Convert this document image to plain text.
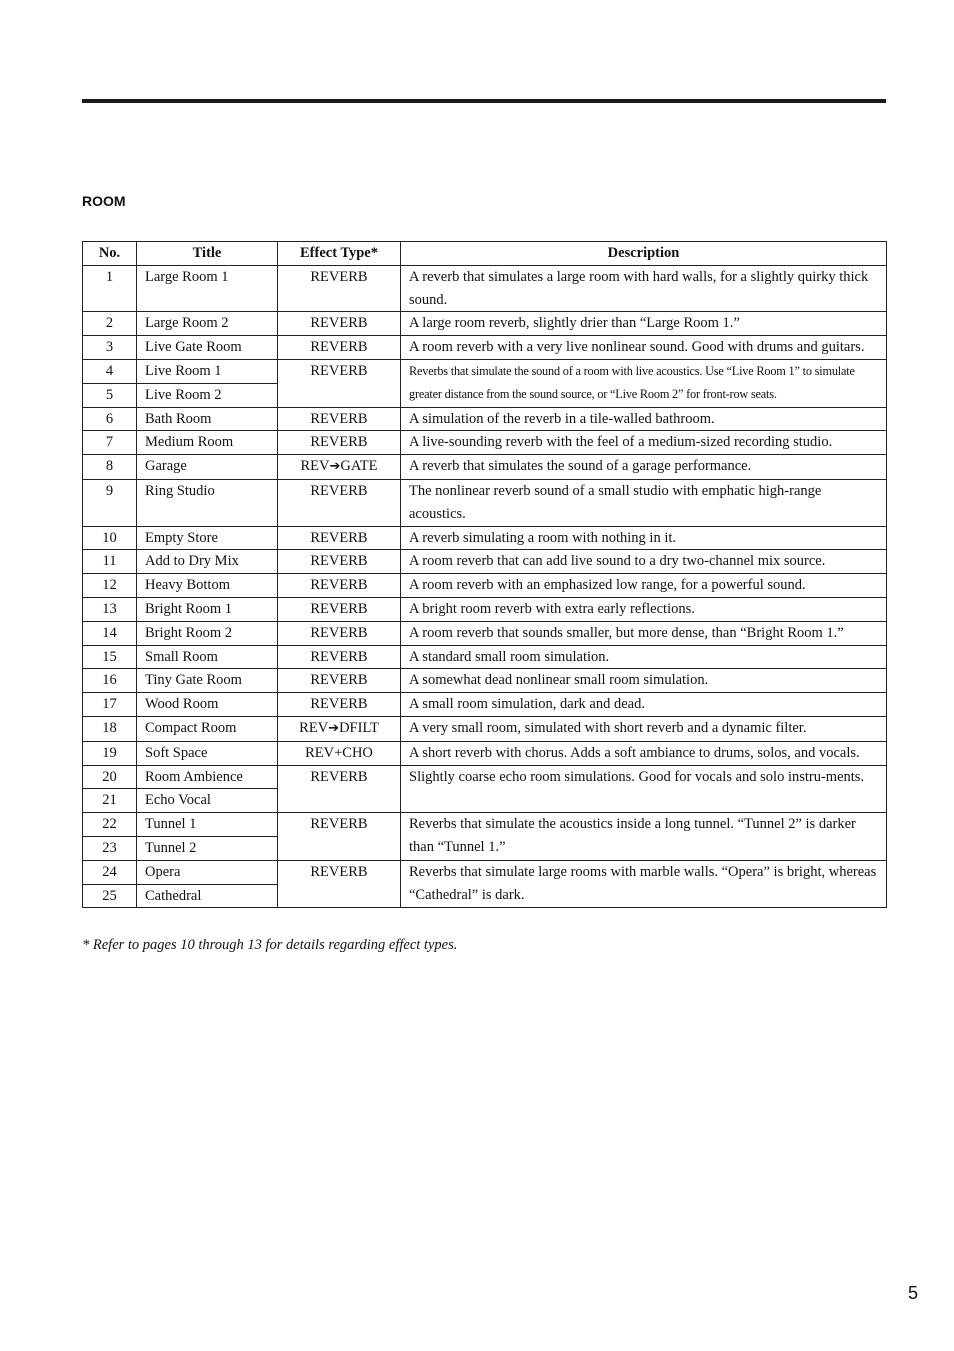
ROOM
No.	Title	Effect Type*	Description
1	Large Room 1	REVERB	A reverb that simulates a large room with hard walls, for a slightly quirky thick sound.
2	Large Room 2	REVERB	A large room reverb, slightly drier than “Large Room 1.”
3	Live Gate Room	REVERB	A room reverb with a very live nonlinear sound. Good with drums and guitars.
4	Live Room 1	REVERB	Reverbs that simulate the sound of a room with live acoustics. Use “Live Room 1” to simulate greater distance from the sound source, or “Live Room 2” for front-row seats.
5	Live Room 2		
6	Bath Room	REVERB	A simulation of the reverb in a tile-walled bathroom.
7	Medium Room	REVERB	A live-sounding reverb with the feel of a medium-sized recording studio.
8	Garage	REV➔GATE	A reverb that simulates the sound of a garage performance.
9	Ring Studio	REVERB	The nonlinear reverb sound of a small studio with emphatic high-range acoustics.
10	Empty Store	REVERB	A reverb simulating a room with nothing in it.
11	Add to Dry Mix	REVERB	A room reverb that can add live sound to a dry two-channel mix source.
12	Heavy Bottom	REVERB	A room reverb with an emphasized low range, for a powerful sound.
13	Bright Room 1	REVERB	A bright room reverb with extra early reflections.
14	Bright Room 2	REVERB	A room reverb that sounds smaller, but more dense, than “Bright Room 1.”
15	Small Room	REVERB	A standard small room simulation.
16	Tiny Gate Room	REVERB	A somewhat dead nonlinear small room simulation.
17	Wood Room	REVERB	A small room simulation, dark and dead.
18	Compact Room	REV➔DFILT	A very small room, simulated with short reverb and a dynamic filter.
19	Soft Space	REV+CHO	A short reverb with chorus. Adds a soft ambiance to drums, solos, and vocals.
20	Room Ambience	REVERB	Slightly coarse echo room simulations. Good for vocals and solo instru-ments.
21	Echo Vocal		
22	Tunnel 1	REVERB	Reverbs that simulate the acoustics inside a long tunnel. “Tunnel 2” is darker than “Tunnel 1.”
23	Tunnel 2		
24	Opera	REVERB	Reverbs that simulate large rooms with marble walls. “Opera” is bright, whereas “Cathedral” is dark.
25	Cathedral		

* Refer to pages 10 through 13 for details regarding effect types.

5
